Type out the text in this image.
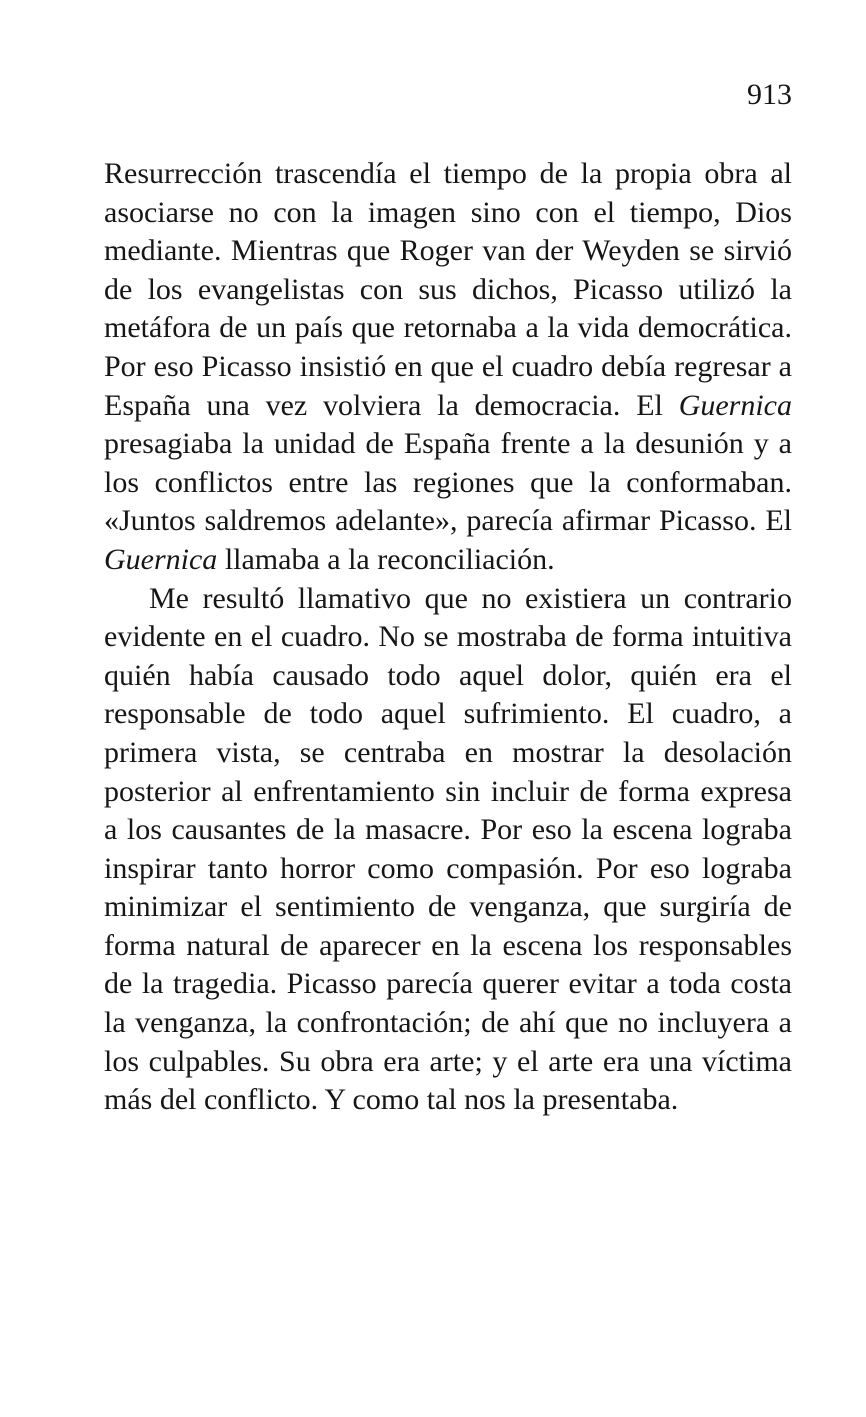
913

Resurrección trascendía el tiempo de la propia obra al asociarse no con la imagen sino con el tiempo, Dios mediante. Mientras que Roger van der Weyden se sirvió de los evangelistas con sus dichos, Picasso utilizó la metáfora de un país que retornaba a la vida democrática. Por eso Picasso insistió en que el cuadro debía regresar a España una vez volviera la democracia. El Guernica presagiaba la unidad de España frente a la desunión y a los conflictos entre las regiones que la conformaban. «Juntos saldremos adelante», parecía afirmar Picasso. El Guernica llamaba a la reconciliación.

Me resultó llamativo que no existiera un contrario evidente en el cuadro. No se mostraba de forma intuitiva quién había causado todo aquel dolor, quién era el responsable de todo aquel sufrimiento. El cuadro, a primera vista, se centraba en mostrar la desolación posterior al enfrentamiento sin incluir de forma expresa a los causantes de la masacre. Por eso la escena lograba inspirar tanto horror como compasión. Por eso lograba minimizar el sentimiento de venganza, que surgiría de forma natural de aparecer en la escena los responsables de la tragedia. Picasso parecía querer evitar a toda costa la venganza, la confrontación; de ahí que no incluyera a los culpables. Su obra era arte; y el arte era una víctima más del conflicto. Y como tal nos la presentaba.
